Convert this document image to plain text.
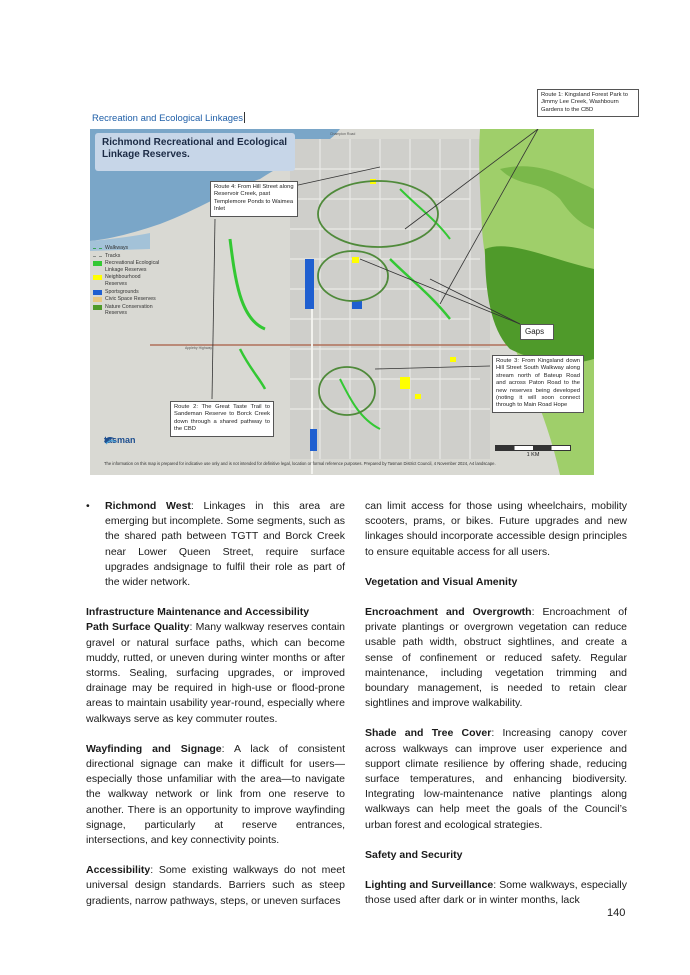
Recreation and Ecological Linkages
Champion Road
Appleby Highway
Richmond Recreational and Ecological Linkage Reserves.
Walkways
Tracks
Recreational Ecological Linkage Reserves
Neighbourhood Reserves
Sportsgrounds
Civic Space Reserves
Nature Conservation Reserves
Route 4: From Hill Street along Reservoir Creek, past Templemore Ponds to Waimea Inlet
Gaps
Route 3: From Kingsland down Hill Street South Walkway along stream north of Bateup Road and across Paton Road to the new reserves being developed (noting it will soon connect through to Main Road Hope
Route 2: The Great Taste Trail to Sandeman Reserve to Borck Creek down through a shared pathway to the CBD
tasman
1 KM
The information on this map is prepared for indicative use only and is not intended for definitive legal, location or formal reference purposes. Prepared by Tasman District Council, 4 November 2024, A4 landscape.
Route 1: Kingsland Forest Park to Jimmy Lee Creek, Washbourn Gardens to the CBD
• Richmond West: Linkages in this area are emerging but incomplete. Some segments, such as the shared path between TGTT and Borck Creek near Lower Queen Street, require surface upgrades andsignage to fulfil their role as part of the wider network.

Infrastructure Maintenance and Accessibility

Path Surface Quality: Many walkway reserves contain gravel or natural surface paths, which can become muddy, rutted, or uneven during winter months or after storms. Sealing, surfacing upgrades, or improved drainage may be required in high-use or flood-prone areas to maintain usability year-round, especially where walkways serve as key commuter routes.

Wayfinding and Signage: A lack of consistent directional signage can make it difficult for users—especially those unfamiliar with the area—to navigate the walkway network or link from one reserve to another. There is an opportunity to improve wayfinding signage, particularly at reserve entrances, intersections, and key connectivity points.

Accessibility: Some existing walkways do not meet universal design standards. Barriers such as steep gradients, narrow pathways, steps, or uneven surfaces

can limit access for those using wheelchairs, mobility scooters, prams, or bikes. Future upgrades and new linkages should incorporate accessible design principles to ensure equitable access for all users.

Vegetation and Visual Amenity

Encroachment and Overgrowth: Encroachment of private plantings or overgrown vegetation can reduce usable path width, obstruct sightlines, and create a sense of confinement or reduced safety. Regular maintenance, including vegetation trimming and boundary management, is needed to retain clear sightlines and improve walkability.

Shade and Tree Cover: Increasing canopy cover across walkways can improve user experience and support climate resilience by offering shade, reducing surface temperatures, and enhancing biodiversity. Integrating low-maintenance native plantings along walkways can help meet the goals of the Council’s urban forest and ecological strategies.

Safety and Security

Lighting and Surveillance: Some walkways, especially those used after dark or in winter months, lack

140
